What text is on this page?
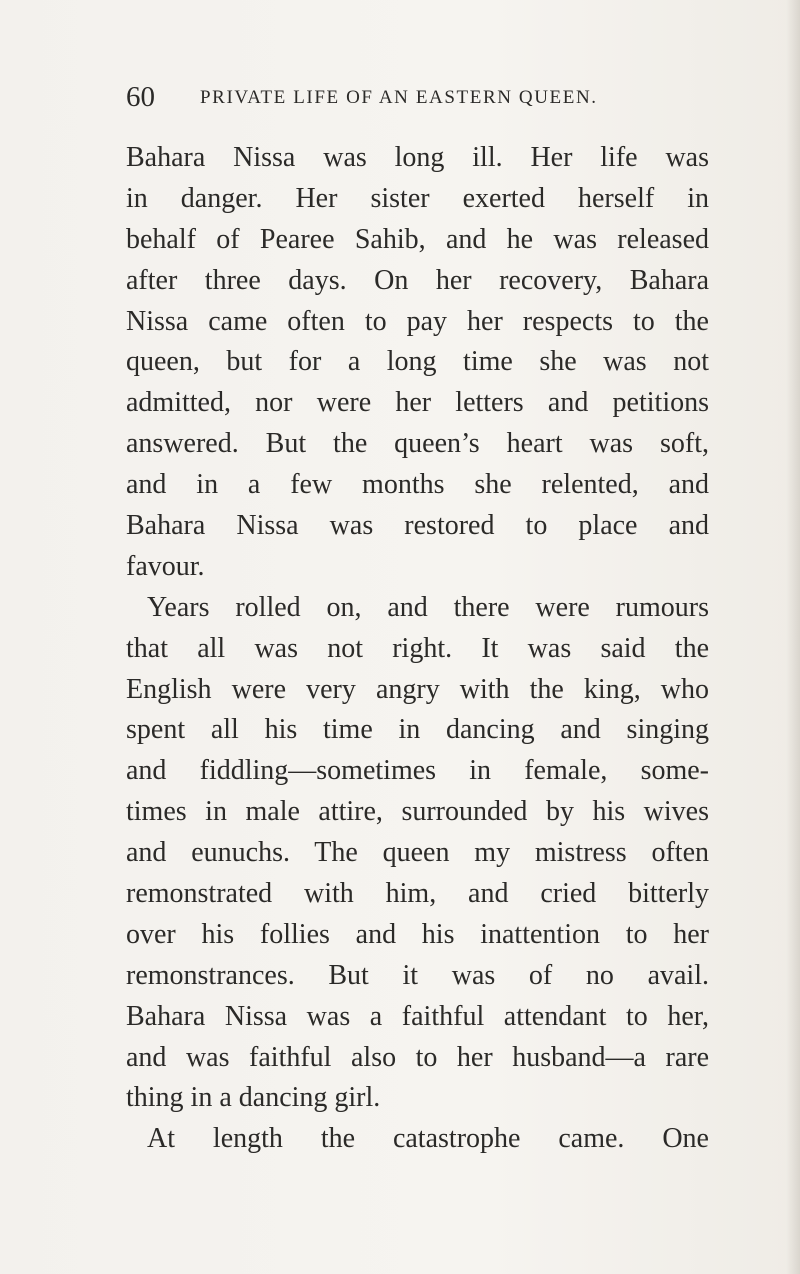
60 PRIVATE LIFE OF AN EASTERN QUEEN.
Bahara Nissa was long ill. Her life was
in danger. Her sister exerted herself in
behalf of Pearee Sahib, and he was released
after three days. On her recovery, Bahara
Nissa came often to pay her respects to the
queen, but for a long time she was not
admitted, nor were her letters and petitions
answered. But the queen’s heart was soft,
and in a few months she relented, and
Bahara Nissa was restored to place and
favour.
Years rolled on, and there were rumours
that all was not right. It was said the
English were very angry with the king, who
spent all his time in dancing and singing
and fiddling—sometimes in female, some-
times in male attire, surrounded by his wives
and eunuchs. The queen my mistress often
remonstrated with him, and cried bitterly
over his follies and his inattention to her
remonstrances. But it was of no avail.
Bahara Nissa was a faithful attendant to her,
and was faithful also to her husband—a rare
thing in a dancing girl.
At length the catastrophe came. One
